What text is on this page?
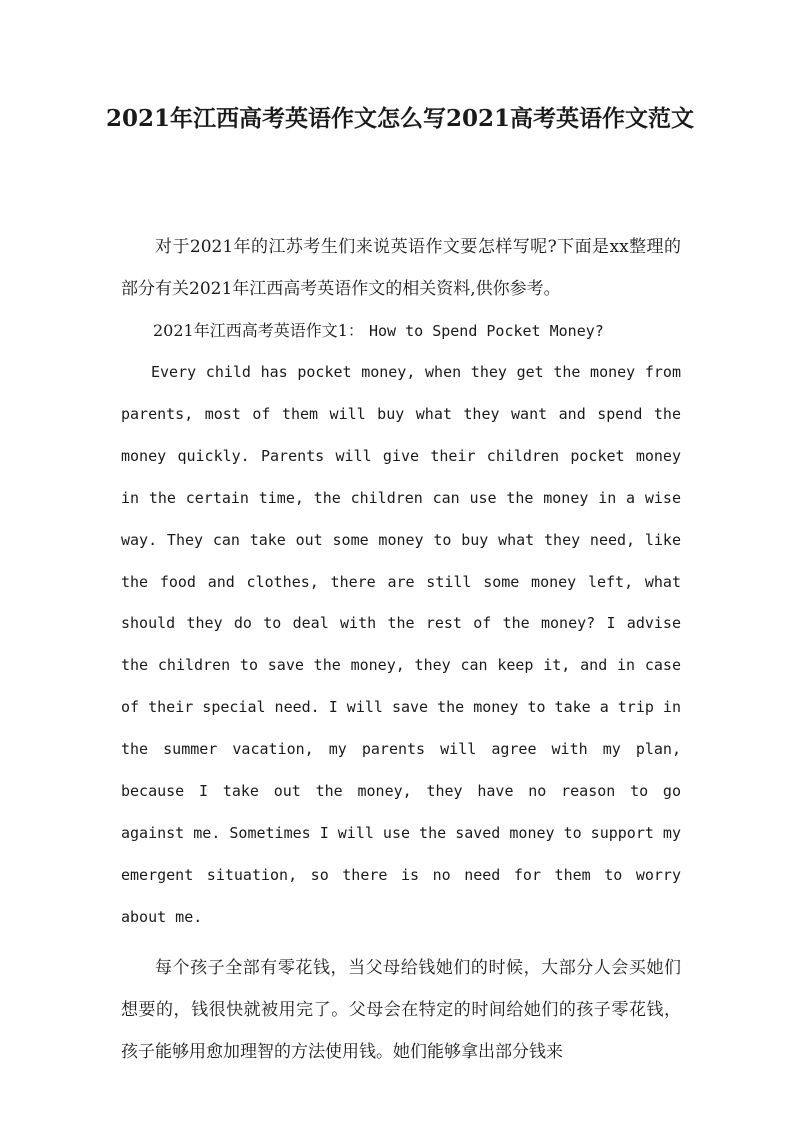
2021年江西高考英语作文怎么写2021高考英语作文范文

对于2021年的江苏考生们来说英语作文要怎样写呢?下面是xx整理的部分有关2021年江西高考英语作文的相关资料,供你参考。

2021年江西高考英语作文1： How to Spend Pocket Money?

Every child has pocket money, when they get the money from parents, most of them will buy what they want and spend the money quickly. Parents will give their children pocket money in the certain time, the children can use the money in a wise way. They can take out some money to buy what they need, like the food and clothes, there are still some money left, what should they do to deal with the rest of the money? I advise the children to save the money, they can keep it, and in case of their special need. I will save the money to take a trip in the summer vacation, my parents will agree with my plan, because I take out the money, they have no reason to go against me. Sometimes I will use the saved money to support my emergent situation, so there is no need for them to worry about me.

每个孩子全部有零花钱，当父母给钱她们的时候，大部分人会买她们想要的，钱很快就被用完了。父母会在特定的时间给她们的孩子零花钱，孩子能够用愈加理智的方法使用钱。她们能够拿出部分钱来
